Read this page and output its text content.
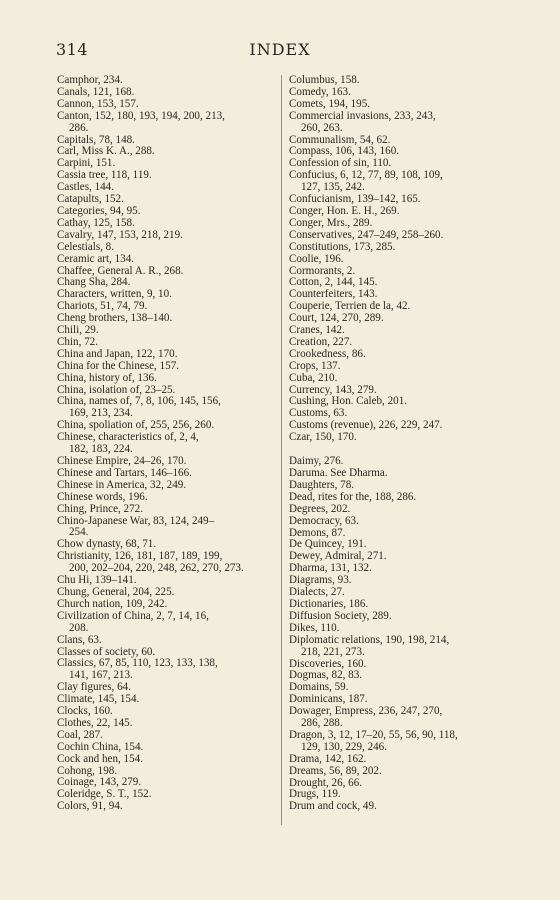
314	INDEX
Camphor, 234.
Canals, 121, 168.
Cannon, 153, 157.
Canton, 152, 180, 193, 194, 200, 213,
286.
Capitals, 78, 148.
Carl, Miss K. A., 288.
Carpini, 151.
Cassia tree, 118, 119.
Castles, 144.
Catapults, 152.
Categories, 94, 95.
Cathay, 125, 158.
Cavalry, 147, 153, 218, 219.
Celestials, 8.
Ceramic art, 134.
Chaffee, General A. R., 268.
Chang Sha, 284.
Characters, written, 9, 10.
Chariots, 51, 74, 79.
Cheng brothers, 138–140.
Chili, 29.
Chin, 72.
China and Japan, 122, 170.
China for the Chinese, 157.
China, history of, 136.
China, isolation of, 23–25.
China, names of, 7, 8, 106, 145, 156,
169, 213, 234.
China, spoliation of, 255, 256, 260.
Chinese, characteristics of, 2, 4,
182, 183, 224.
Chinese Empire, 24–26, 170.
Chinese and Tartars, 146–166.
Chinese in America, 32, 249.
Chinese words, 196.
Ching, Prince, 272.
Chino-Japanese War, 83, 124, 249–
254.
Chow dynasty, 68, 71.
Christianity, 126, 181, 187, 189, 199,
200, 202–204, 220, 248, 262, 270, 273.
Chu Hi, 139–141.
Chung, General, 204, 225.
Church nation, 109, 242.
Civilization of China, 2, 7, 14, 16,
208.
Clans, 63.
Classes of society, 60.
Classics, 67, 85, 110, 123, 133, 138,
141, 167, 213.
Clay figures, 64.
Climate, 145, 154.
Clocks, 160.
Clothes, 22, 145.
Coal, 287.
Cochin China, 154.
Cock and hen, 154.
Cohong, 198.
Coinage, 143, 279.
Coleridge, S. T., 152.
Colors, 91, 94.
Columbus, 158.
Comedy, 163.
Comets, 194, 195.
Commercial invasions, 233, 243,
260, 263.
Communalism, 54, 62.
Compass, 106, 143, 160.
Confession of sin, 110.
Confucius, 6, 12, 77, 89, 108, 109,
127, 135, 242.
Confucianism, 139–142, 165.
Conger, Hon. E. H., 269.
Conger, Mrs., 289.
Conservatives, 247–249, 258–260.
Constitutions, 173, 285.
Coolie, 196.
Cormorants, 2.
Cotton, 2, 144, 145.
Counterfeiters, 143.
Couperie, Terrien de la, 42.
Court, 124, 270, 289.
Cranes, 142.
Creation, 227.
Crookedness, 86.
Crops, 137.
Cuba, 210.
Currency, 143, 279.
Cushing, Hon. Caleb, 201.
Customs, 63.
Customs (revenue), 226, 229, 247.
Czar, 150, 170.
Daimy, 276.
Daruma. See Dharma.
Daughters, 78.
Dead, rites for the, 188, 286.
Degrees, 202.
Democracy, 63.
Demons, 87.
De Quincey, 191.
Dewey, Admiral, 271.
Dharma, 131, 132.
Diagrams, 93.
Dialects, 27.
Dictionaries, 186.
Diffusion Society, 289.
Dikes, 110.
Diplomatic relations, 190, 198, 214,
218, 221, 273.
Discoveries, 160.
Dogmas, 82, 83.
Domains, 59.
Dominicans, 187.
Dowager, Empress, 236, 247, 270,
286, 288.
Dragon, 3, 12, 17–20, 55, 56, 90, 118,
129, 130, 229, 246.
Drama, 142, 162.
Dreams, 56, 89, 202.
Drought, 26, 66.
Drugs, 119.
Drum and cock, 49.
